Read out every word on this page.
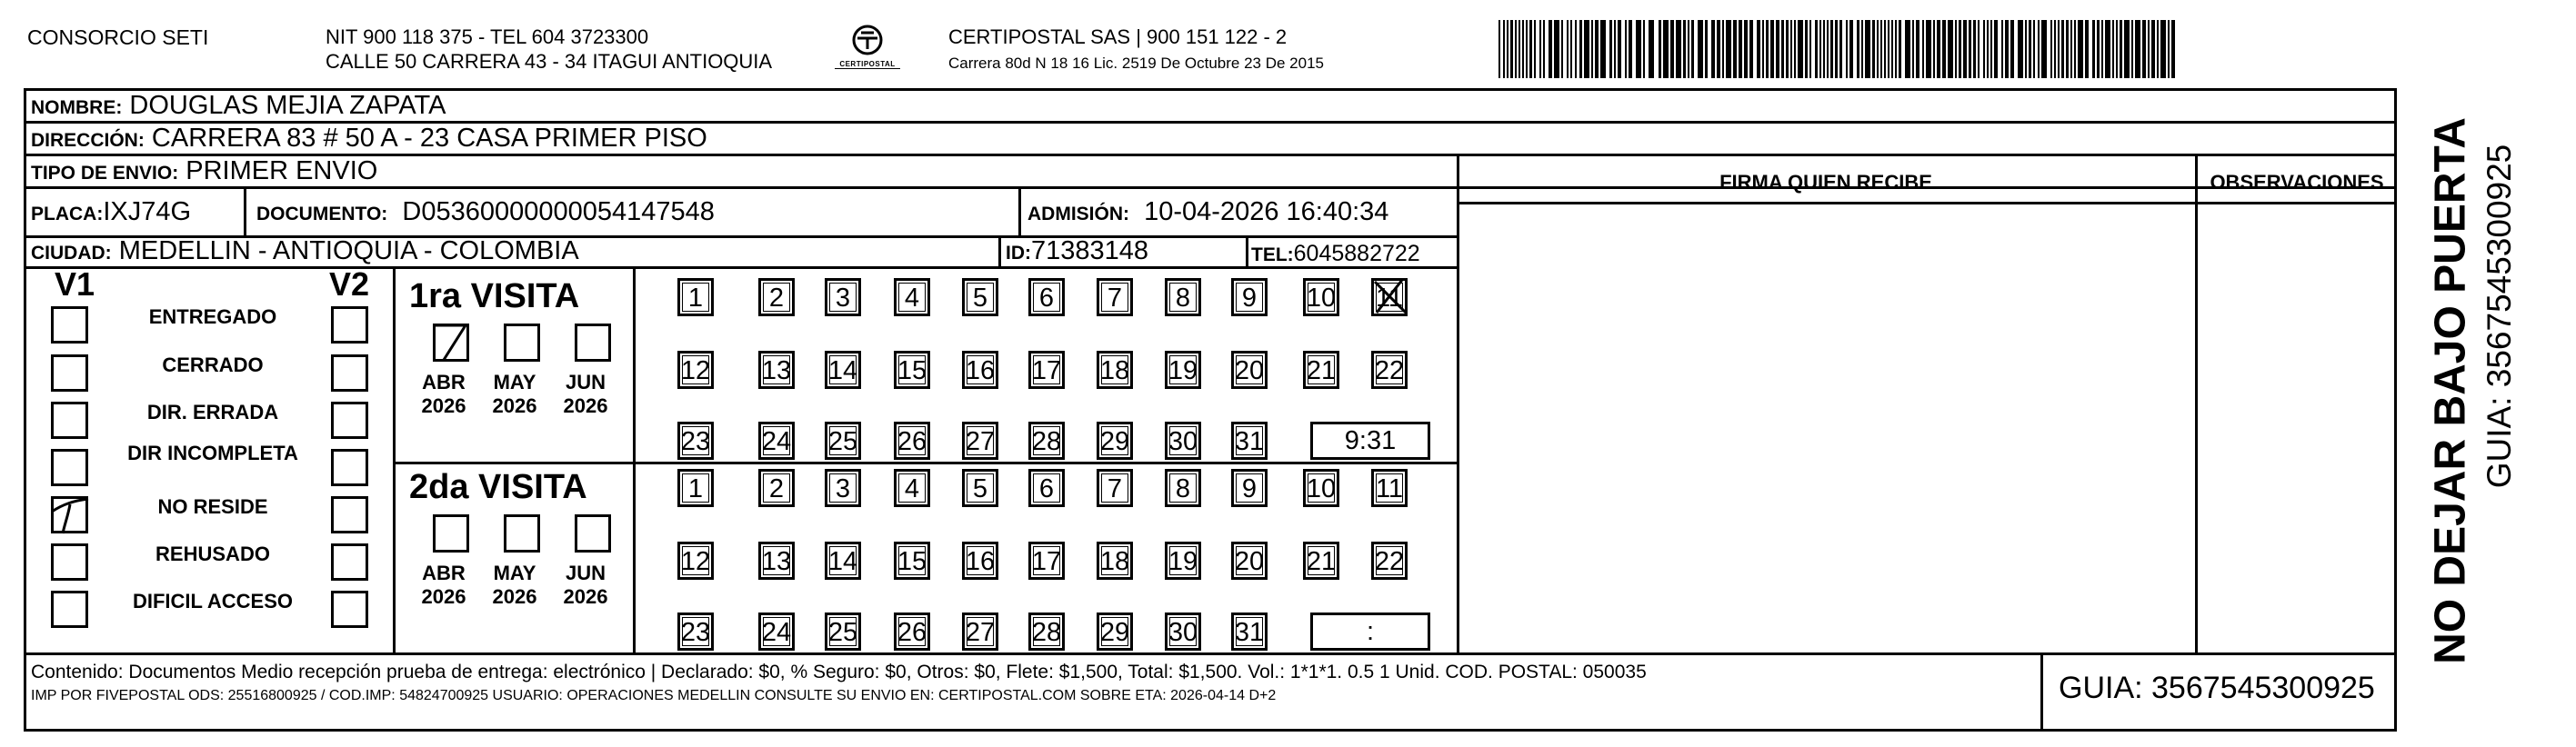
CONSORCIO SETI	NIT 900 118 375 - TEL 604 3723300
CALLE 50 CARRERA 43 - 34 ITAGUI ANTIOQUIA	CERTIPOSTAL
CERTIPOSTAL SAS | 900 151 122 - 2
Carrera 80d N 18 16 Lic. 2519 De Octubre 23 De 2015
NOMBRE: DOUGLAS MEJIA ZAPATA
DIRECCIÓN: CARRERA 83 # 50 A - 23 CASA PRIMER PISO
TIPO DE ENVIO: PRIMER ENVIO
PLACA:IXJ74G	DOCUMENTO: D05360000000054147548	ADMISIÓN: 10-04-2026 16:40:34
CIUDAD: MEDELLIN - ANTIOQUIA - COLOMBIA	ID:71383148	TEL:6045882722
FIRMA QUIEN RECIBE	OBSERVACIONES
V1	V2
ENTREGADO
CERRADO
DIR. ERRADA
DIR INCOMPLETA
NO RESIDE
REHUSADO
DIFICIL ACCESO
1ra VISITA
2da VISITA
ABR
2026
MAY
2026
JUN
2026
1	2	3	4	5	6	7	8	9	10 11
12 13 14 15 16 17 18 19 20 21 22
23 24 25 26 27 28 29 30 31	9:31
ABR
2026
MAY
2026
JUN
2026
1	2	3	4	5	6	7	8	9	10 11
12 13 14 15 16 17 18 19 20 21 22
23 24 25 26 27 28 29 30 31	:
Contenido: Documentos Medio recepción prueba de entrega: electrónico | Declarado: $0, % Seguro: $0, Otros: $0, Flete: $1,500, Total: $1,500. Vol.: 1*1*1. 0.5 1 Unid. COD. POSTAL: 050035
IMP POR FIVEPOSTAL ODS: 25516800925 / COD.IMP: 54824700925 USUARIO: OPERACIONES MEDELLIN CONSULTE SU ENVIO EN: CERTIPOSTAL.COM SOBRE ETA: 2026-04-14 D+2	GUIA: 3567545300925
NO DEJAR BAJO PUERTA GUIA: 3567545300925
